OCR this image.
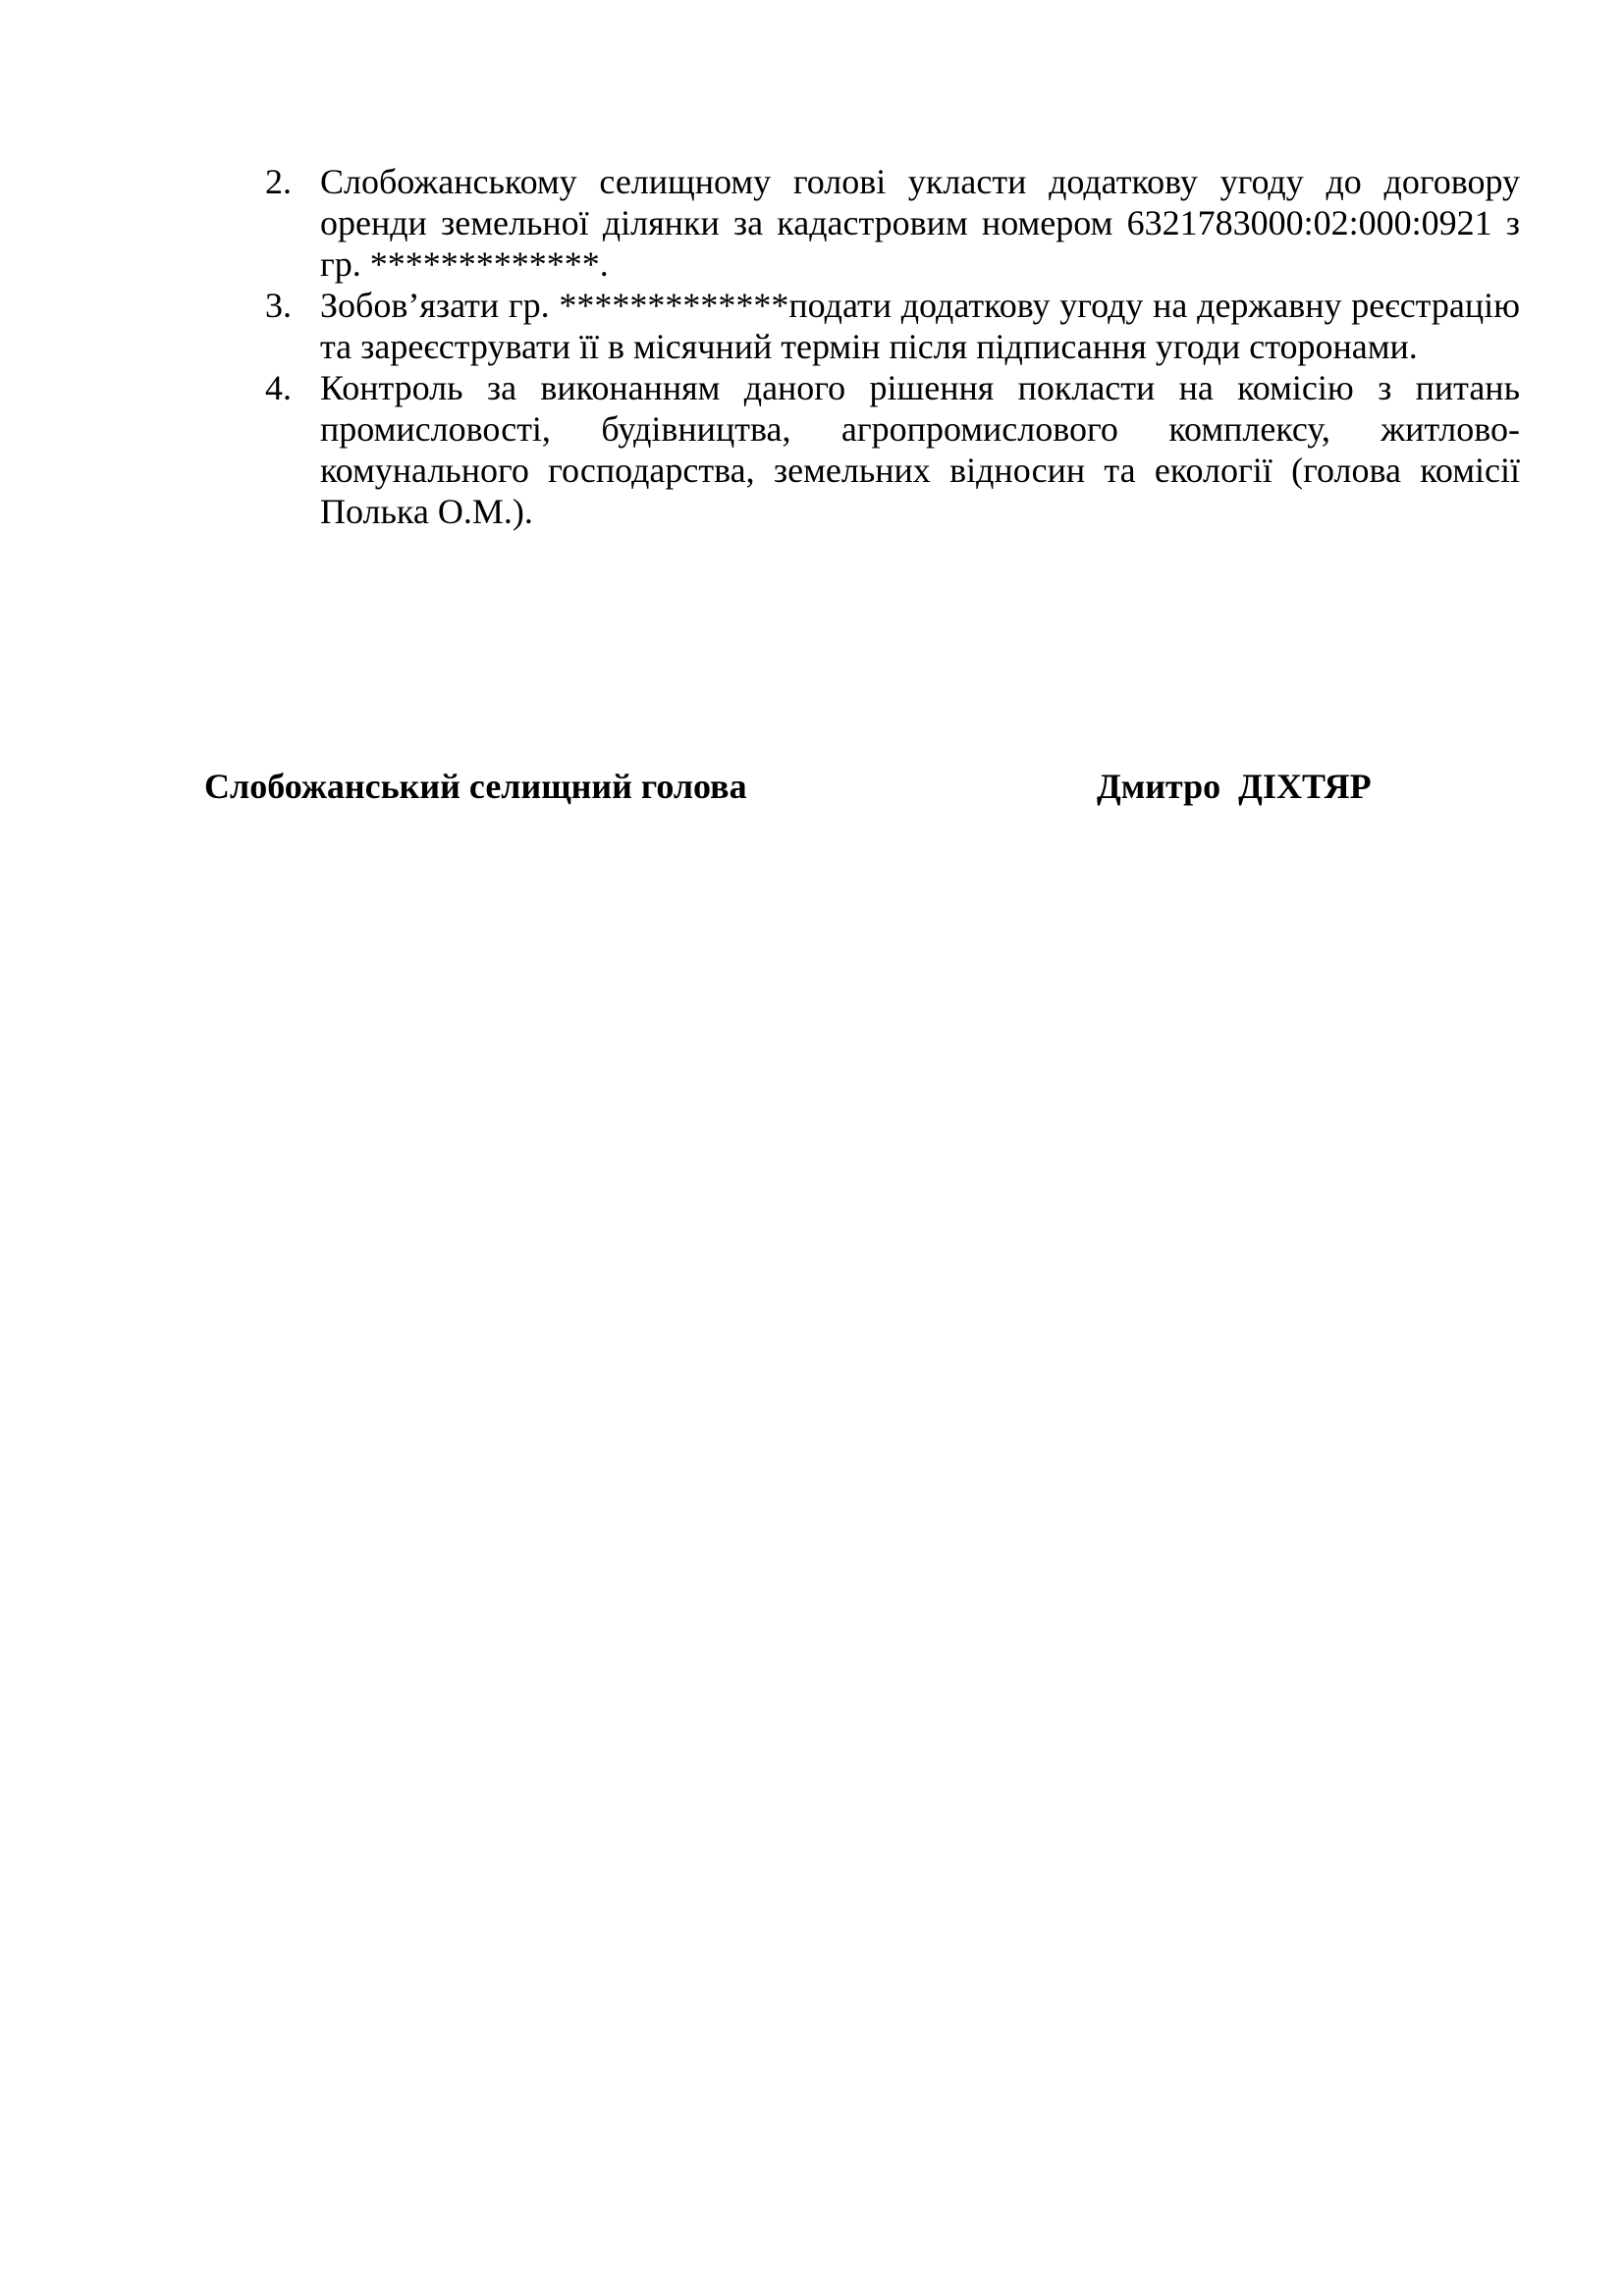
2. Слобожанському селищному голові укласти додаткову угоду до договору оренди земельної ділянки за кадастровим номером 6321783000:02:000:0921 з гр. *************.
3. Зобов’язати гр. *************подати додаткову угоду на державну реєстрацію та зареєструвати її в місячний термін після підписання угоди сторонами.
4. Контроль за виконанням даного рішення покласти на комісію з питань промисловості, будівництва, агропромислового комплексу, житлово-комунального господарства, земельних відносин та екології (голова комісії Полька О.М.).
Слобожанський селищний голова	Дмитро  ДІХТЯР
